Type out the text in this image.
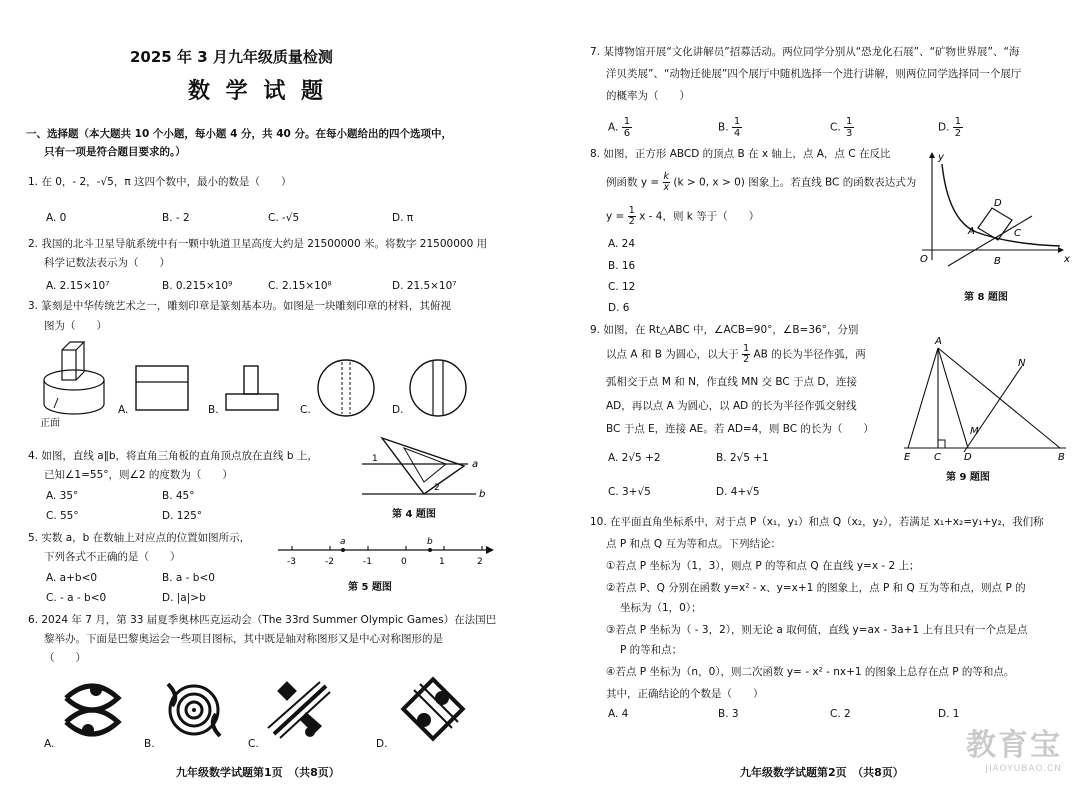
2025 年 3 月九年级质量检测
数 学 试 题
一、选择题（本大题共 10 个小题，每小题 4 分，共 40 分。在每小题给出的四个选项中，
只有一项是符合题目要求的。）
1. 在 0，- 2，-√5，π 这四个数中，最小的数是（　　）
A. 0	B. - 2	C. -√5	D. π
2. 我国的北斗卫星导航系统中有一颗中轨道卫星高度大约是 21500000 米。将数字 21500000 用
科学记数法表示为（　　）
A. 2.15×10⁷	B. 0.215×10⁹	C. 2.15×10⁸	D. 21.5×10⁷
3. 篆刻是中华传统艺术之一，雕刻印章是篆刻基本功。如图是一块雕刻印章的材料，其俯视
图为（　　）
正面
A.	B.	C.	D.
4. 如图，直线 a∥b，将直角三角板的直角顶点放在直线 b 上，
已知∠1=55°，则∠2 的度数为（　　）
A. 35°	B. 45°
C. 55°	D. 125°
1
2
a
b
第 4 题图
5. 实数 a，b 在数轴上对应点的位置如图所示，
下列各式不正确的是（　　）
A. a+b<0	B. a - b<0
C. - a - b<0	D. |a|>b
-3	-2	-1	0	1	2
a	b
第 5 题图
6. 2024 年 7 月，第 33 届夏季奥林匹克运动会（The 33rd Summer Olympic Games）在法国巴
黎举办。下面是巴黎奥运会一些项目图标，其中既是轴对称图形又是中心对称图形的是
（　　）
A.	B.	C.	D.
九年级数学试题第1页　（共8页）
7. 某博物馆开展“文化讲解员”招募活动。两位同学分别从“恐龙化石展”、“矿物世界展”、“海
洋贝类展”、“动物迁徙展”四个展厅中随机选择一个进行讲解，则两位同学选择同一个展厅
的概率为（　　）
A. $\frac{1}{6}$	B. $\frac{1}{4}$	C. $\frac{1}{3}$	D. $\frac{1}{2}$
8. 如图，正方形 ABCD 的顶点 B 在 x 轴上，点 A，点 C 在反比
例函数 $y = \frac{k}{x} (k > 0$, x > 0) 图象上。若直线 BC 的函数表达式为
$y = \frac{1}{2}$ x - 4，则 k 等于（　　）
A. 24
B. 16
C. 12
D. 6
y
x
O
A
B
C
D
第 8 题图
9. 如图，在 Rt△ABC 中，∠ACB=90°，∠B=36°，分别
以点 A 和 B 为圆心，以大于 $\frac{1}{2}$ AB 的长为半径作弧，两
弧相交于点 M 和 N，作直线 MN 交 BC 于点 D，连接
AD，再以点 A 为圆心，以 AD 的长为半径作弧交射线
BC 于点 E，连接 AE。若 AD=4，则 BC 的长为（　　）
A. 2√5 +2	B. 2√5 +1
C. 3+√5	D. 4+√5
A
N
M
E C D	B
第 9 题图
10. 在平面直角坐标系中，对于点 P（x₁，y₁）和点 Q（x₂，y₂），若满足 x₁+x₂=y₁+y₂，我们称
点 P 和点 Q 互为等和点。下列结论：
①若点 P 坐标为（1，3），则点 P 的等和点 Q 在直线 y=x - 2 上；
②若点 P、Q 分别在函数 y=x² - x、y=x+1 的图象上，点 P 和 Q 互为等和点，则点 P 的
坐标为（1，0）；
③若点 P 坐标为（ - 3，2），则无论 a 取何值，直线 y=ax - 3a+1 上有且只有一个点是点
P 的等和点；
④若点 P 坐标为（n，0），则二次函数 y= - x² - nx+1 的图象上总存在点 P 的等和点。
其中，正确结论的个数是（　　）
A. 4	B. 3	C. 2	D. 1
九年级数学试题第2页　（共8页）
教育宝
JIAOYUBAO.CN
